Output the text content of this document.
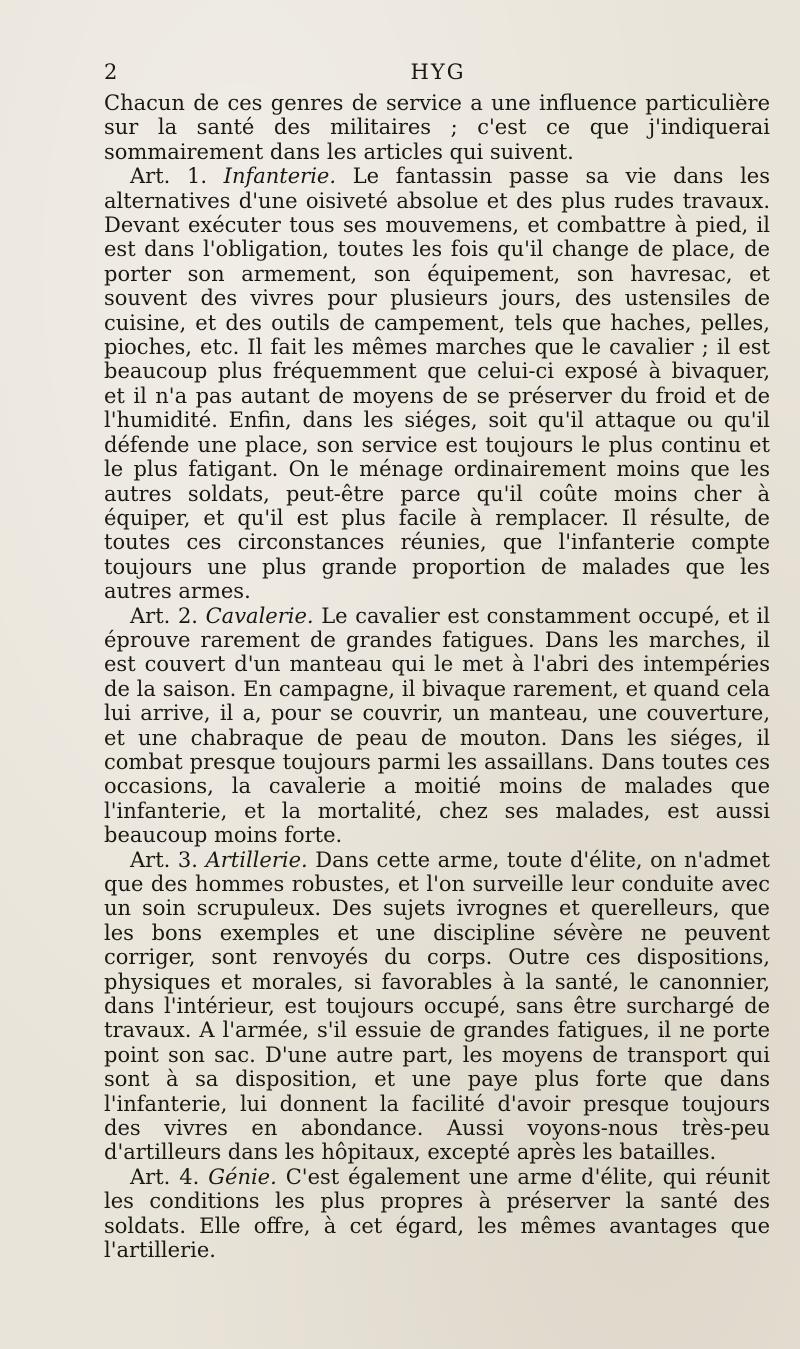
2	HYG

Chacun de ces genres de service a une influence particulière sur la santé des militaires ; c'est ce que j'indiquerai sommairement dans les articles qui suivent.

Art. 1. Infanterie. Le fantassin passe sa vie dans les alternatives d'une oisiveté absolue et des plus rudes travaux. Devant exécuter tous ses mouvemens, et combattre à pied, il est dans l'obligation, toutes les fois qu'il change de place, de porter son armement, son équipement, son havresac, et souvent des vivres pour plusieurs jours, des ustensiles de cuisine, et des outils de campement, tels que haches, pelles, pioches, etc. Il fait les mêmes marches que le cavalier ; il est beaucoup plus fréquemment que celui-ci exposé à bivaquer, et il n'a pas autant de moyens de se préserver du froid et de l'humidité. Enfin, dans les siéges, soit qu'il attaque ou qu'il défende une place, son service est toujours le plus continu et le plus fatigant. On le ménage ordinairement moins que les autres soldats, peut-être parce qu'il coûte moins cher à équiper, et qu'il est plus facile à remplacer. Il résulte, de toutes ces circonstances réunies, que l'infanterie compte toujours une plus grande proportion de malades que les autres armes.

Art. 2. Cavalerie. Le cavalier est constamment occupé, et il éprouve rarement de grandes fatigues. Dans les marches, il est couvert d'un manteau qui le met à l'abri des intempéries de la saison. En campagne, il bivaque rarement, et quand cela lui arrive, il a, pour se couvrir, un manteau, une couverture, et une chabraque de peau de mouton. Dans les siéges, il combat presque toujours parmi les assaillans. Dans toutes ces occasions, la cavalerie a moitié moins de malades que l'infanterie, et la mortalité, chez ses malades, est aussi beaucoup moins forte.

Art. 3. Artillerie. Dans cette arme, toute d'élite, on n'admet que des hommes robustes, et l'on surveille leur conduite avec un soin scrupuleux. Des sujets ivrognes et querelleurs, que les bons exemples et une discipline sévère ne peuvent corriger, sont renvoyés du corps. Outre ces dispositions, physiques et morales, si favorables à la santé, le canonnier, dans l'intérieur, est toujours occupé, sans être surchargé de travaux. A l'armée, s'il essuie de grandes fatigues, il ne porte point son sac. D'une autre part, les moyens de transport qui sont à sa disposition, et une paye plus forte que dans l'infanterie, lui donnent la facilité d'avoir presque toujours des vivres en abondance. Aussi voyons-nous très-peu d'artilleurs dans les hôpitaux, excepté après les batailles.

Art. 4. Génie. C'est également une arme d'élite, qui réunit les conditions les plus propres à préserver la santé des soldats. Elle offre, à cet égard, les mêmes avantages que l'artillerie.
